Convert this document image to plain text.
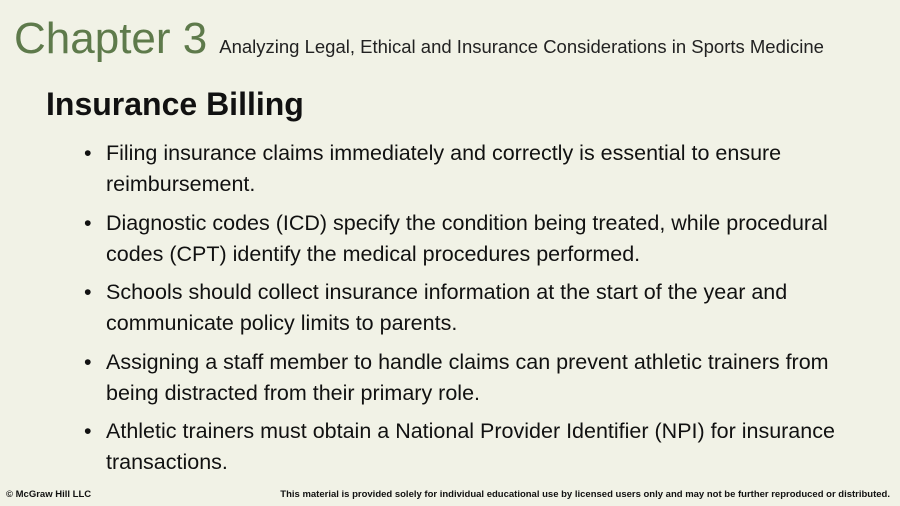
Chapter 3 Analyzing Legal, Ethical and Insurance Considerations in Sports Medicine
Insurance Billing
• Filing insurance claims immediately and correctly is essential to ensure reimbursement.
• Diagnostic codes (ICD) specify the condition being treated, while procedural codes (CPT) identify the medical procedures performed.
• Schools should collect insurance information at the start of the year and communicate policy limits to parents.
• Assigning a staff member to handle claims can prevent athletic trainers from being distracted from their primary role.
• Athletic trainers must obtain a National Provider Identifier (NPI) for insurance transactions.
© McGraw Hill LLC	This material is provided solely for individual educational use by licensed users only and may not be further reproduced or distributed.
